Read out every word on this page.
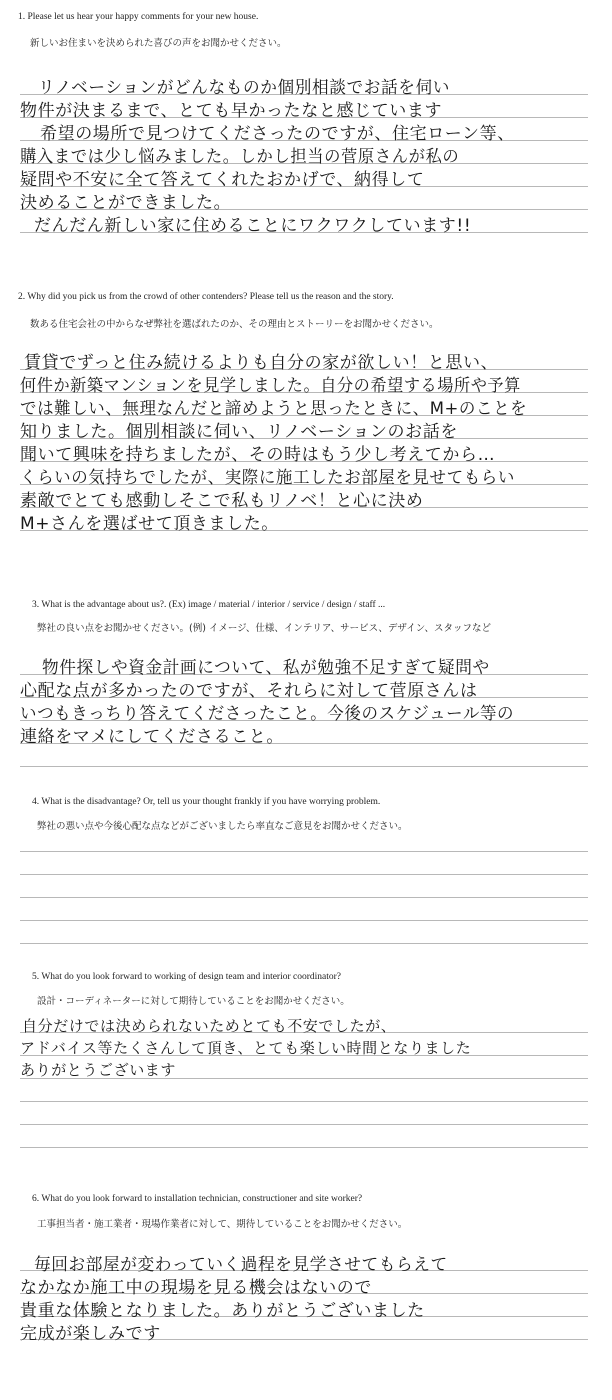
1. Please let us hear your happy comments for your new house.
新しいお住まいを決められた喜びの声をお聞かせください。
リノベーションがどんなものか個別相談でお話を伺い
物件が決まるまで、とても早かったなと感じています
希望の場所で見つけてくださったのですが、住宅ローン等、
購入までは少し悩みました。しかし担当の菅原さんが私の
疑問や不安に全て答えてくれたおかげで、納得して
決めることができました。
だんだん新しい家に住めることにワクワクしています!!
2. Why did you pick us from the crowd of other contenders? Please tell us the reason and the story.
数ある住宅会社の中からなぜ弊社を選ばれたのか、その理由とストーリーをお聞かせください。
賃貸でずっと住み続けるよりも自分の家が欲しい！と思い、
何件か新築マンションを見学しました。自分の希望する場所や予算
では難しい、無理なんだと諦めようと思ったときに、M+のことを
知りました。個別相談に伺い、リノベーションのお話を
聞いて興味を持ちましたが、その時はもう少し考えてから…
くらいの気持ちでしたが、実際に施工したお部屋を見せてもらい
素敵でとても感動しそこで私もリノベ！と心に決め
M+さんを選ばせて頂きました。
3. What is the advantage about us?. (Ex) image / material / interior / service / design / staff ...
弊社の良い点をお聞かせください。(例) イメージ、仕様、インテリア、サービス、デザイン、スタッフなど
物件探しや資金計画について、私が勉強不足すぎて疑問や
心配な点が多かったのですが、それらに対して菅原さんは
いつもきっちり答えてくださったこと。今後のスケジュール等の
連絡をマメにしてくださること。
4. What is the disadvantage? Or, tell us your thought frankly if you have worrying problem.
弊社の悪い点や今後心配な点などがございましたら率直なご意見をお聞かせください。
5. What do you look forward to working of design team and interior coordinator?
設計・コーディネーターに対して期待していることをお聞かせください。
自分だけでは決められないためとても不安でしたが、
アドバイス等たくさんして頂き、とても楽しい時間となりました
ありがとうございます
6. What do you look forward to installation technician, constructioner and site worker?
工事担当者・施工業者・現場作業者に対して、期待していることをお聞かせください。
毎回お部屋が変わっていく過程を見学させてもらえて
なかなか施工中の現場を見る機会はないので
貴重な体験となりました。ありがとうございました
完成が楽しみです
